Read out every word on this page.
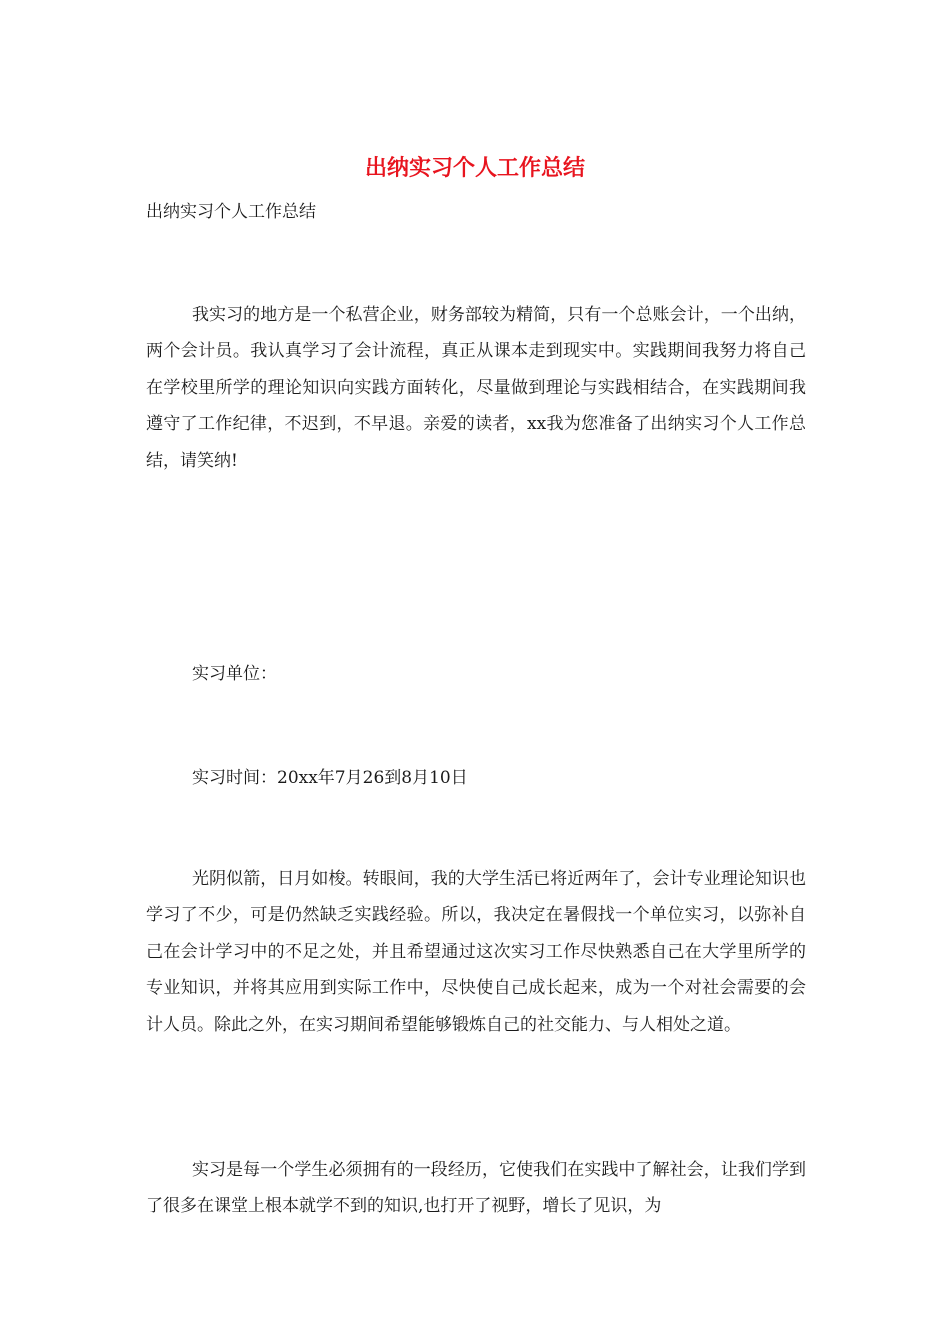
出纳实习个人工作总结

出纳实习个人工作总结

我实习的地方是一个私营企业，财务部较为精简，只有一个总账会计，一个出纳，两个会计员。我认真学习了会计流程，真正从课本走到现实中。实践期间我努力将自己在学校里所学的理论知识向实践方面转化，尽量做到理论与实践相结合，在实践期间我遵守了工作纪律，不迟到，不早退。亲爱的读者，xx我为您准备了出纳实习个人工作总结，请笑纳!

实习单位：

实习时间：20xx年7月26到8月10日

光阴似箭，日月如梭。转眼间，我的大学生活已将近两年了，会计专业理论知识也学习了不少，可是仍然缺乏实践经验。所以，我决定在暑假找一个单位实习，以弥补自己在会计学习中的不足之处，并且希望通过这次实习工作尽快熟悉自己在大学里所学的专业知识，并将其应用到实际工作中，尽快使自己成长起来，成为一个对社会需要的会计人员。除此之外，在实习期间希望能够锻炼自己的社交能力、与人相处之道。

实习是每一个学生必须拥有的一段经历，它使我们在实践中了解社会，让我们学到了很多在课堂上根本就学不到的知识,也打开了视野，增长了见识，为
